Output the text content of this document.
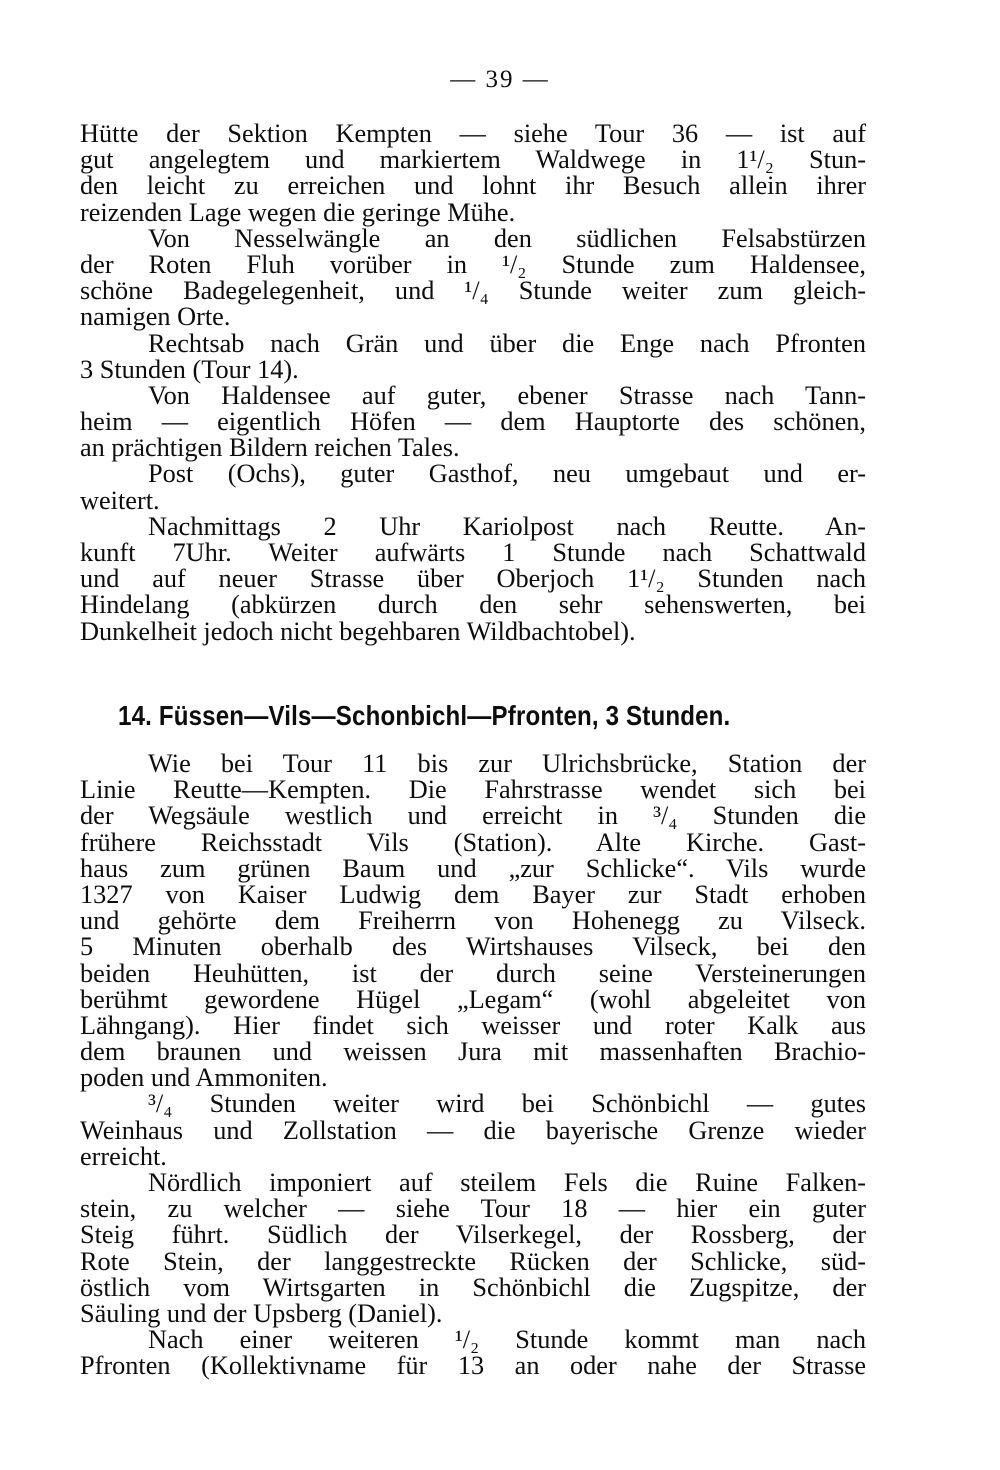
— 39 —
Hütte der Sektion Kempten — siehe Tour 36 — ist auf
gut angelegtem und markiertem Waldwege in 1¹/₂ Stun-
den leicht zu erreichen und lohnt ihr Besuch allein ihrer
reizenden Lage wegen die geringe Mühe.
Von Nesselwängle an den südlichen Felsabstürzen
der Roten Fluh vorüber in ¹/₂ Stunde zum Haldensee,
schöne Badegelegenheit, und ¹/₄ Stunde weiter zum gleich-
namigen Orte.
Rechtsab nach Grän und über die Enge nach Pfronten
3 Stunden (Tour 14).
Von Haldensee auf guter, ebener Strasse nach Tann-
heim — eigentlich Höfen — dem Hauptorte des schönen,
an prächtigen Bildern reichen Tales.
Post (Ochs), guter Gasthof, neu umgebaut und er-
weitert.
Nachmittags 2 Uhr Kariolpost nach Reutte. An-
kunft 7Uhr. Weiter aufwärts 1 Stunde nach Schattwald
und auf neuer Strasse über Oberjoch 1¹/₂ Stunden nach
Hindelang (abkürzen durch den sehr sehenswerten, bei
Dunkelheit jedoch nicht begehbaren Wildbachtobel).
14. Füssen—Vils—Schonbichl—Pfronten, 3 Stunden.
Wie bei Tour 11 bis zur Ulrichsbrücke, Station der
Linie Reutte—Kempten. Die Fahrstrasse wendet sich bei
der Wegsäule westlich und erreicht in ³/₄ Stunden die
frühere Reichsstadt Vils (Station). Alte Kirche. Gast-
haus zum grünen Baum und „zur Schlicke“. Vils wurde
1327 von Kaiser Ludwig dem Bayer zur Stadt erhoben
und gehörte dem Freiherrn von Hohenegg zu Vilseck.
5 Minuten oberhalb des Wirtshauses Vilseck, bei den
beiden Heuhütten, ist der durch seine Versteinerungen
berühmt gewordene Hügel „Legam“ (wohl abgeleitet von
Lähngang). Hier findet sich weisser und roter Kalk aus
dem braunen und weissen Jura mit massenhaften Brachio-
poden und Ammoniten.
³/₄ Stunden weiter wird bei Schönbichl — gutes
Weinhaus und Zollstation — die bayerische Grenze wieder
erreicht.
Nördlich imponiert auf steilem Fels die Ruine Falken-
stein, zu welcher — siehe Tour 18 — hier ein guter
Steig führt. Südlich der Vilserkegel, der Rossberg, der
Rote Stein, der langgestreckte Rücken der Schlicke, süd-
östlich vom Wirtsgarten in Schönbichl die Zugspitze, der
Säuling und der Upsberg (Daniel).
Nach einer weiteren ¹/₂ Stunde kommt man nach
Pfronten (Kollektivname für 13 an oder nahe der Strasse
